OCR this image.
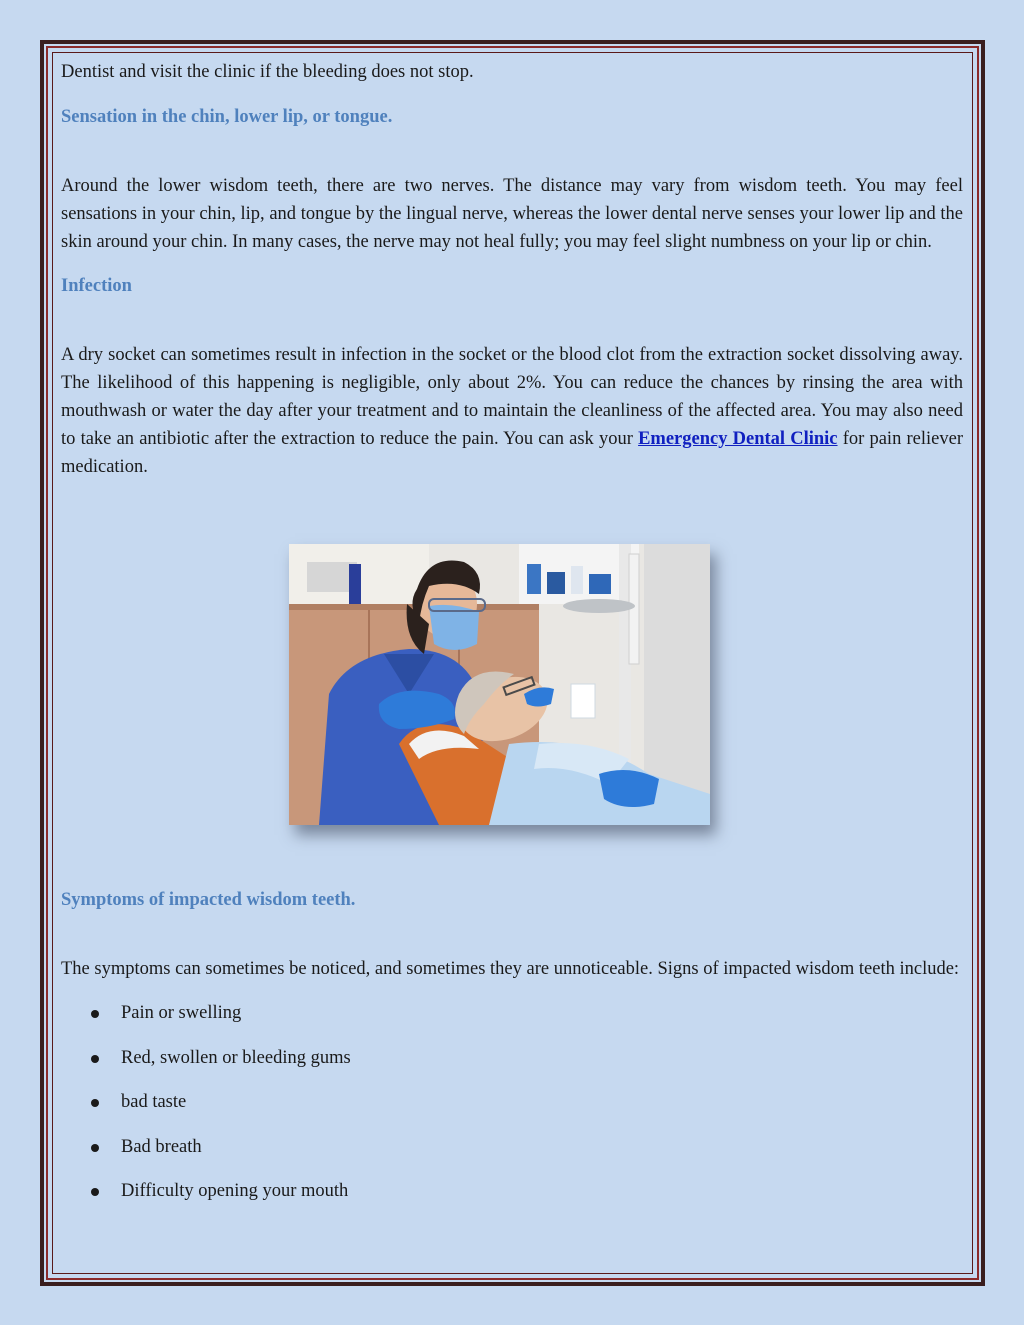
Dentist and visit the clinic if the bleeding does not stop.

Sensation in the chin, lower lip, or tongue.

Around the lower wisdom teeth, there are two nerves. The distance may vary from wisdom teeth. You may feel sensations in your chin, lip, and tongue by the lingual nerve, whereas the lower dental nerve senses your lower lip and the skin around your chin. In many cases, the nerve may not heal fully; you may feel slight numbness on your lip or chin.

Infection

A dry socket can sometimes result in infection in the socket or the blood clot from the extraction socket dissolving away. The likelihood of this happening is negligible, only about 2%. You can reduce the chances by rinsing the area with mouthwash or water the day after your treatment and to maintain the cleanliness of the affected area. You may also need to take an antibiotic after the extraction to reduce the pain. You can ask your Emergency Dental Clinic for pain reliever medication.

Symptoms of impacted wisdom teeth.

The symptoms can sometimes be noticed, and sometimes they are unnoticeable. Signs of impacted wisdom teeth include:

Pain or swelling
Red, swollen or bleeding gums
bad taste
Bad breath
Difficulty opening your mouth
